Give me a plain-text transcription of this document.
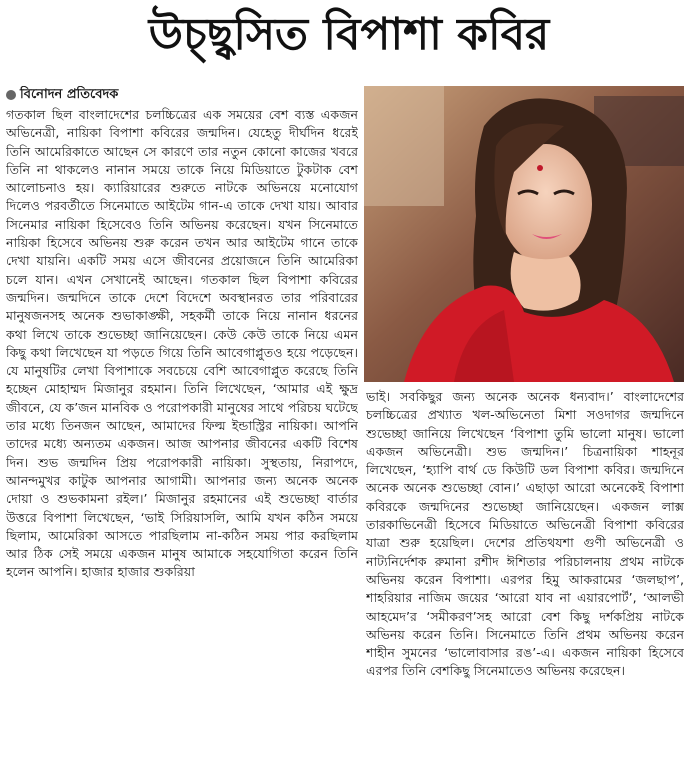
উচ্ছ্বসিত বিপাশা কবির
বিনোদন প্রতিবেদক

গতকাল ছিল বাংলাদেশের চলচ্চিত্রের এক সময়ের বেশ ব্যস্ত একজন অভিনেত্রী, নায়িকা বিপাশা কবিরের জন্মদিন। যেহেতু দীর্ঘদিন ধরেই তিনি আমেরিকাতে আছেন সে কারণে তার নতুন কোনো কাজের খবরে তিনি না থাকলেও নানান সময়ে তাকে নিয়ে মিডিয়াতে টুকটাক বেশ আলোচনাও হয়। ক্যারিয়ারের শুরুতে নাটকে অভিনয়ে মনোযোগ দিলেও পরবর্তীতে সিনেমাতে আইটেম গান-এ তাকে দেখা যায়। আবার সিনেমার নায়িকা হিসেবেও তিনি অভিনয় করেছেন। যখন সিনেমাতে নায়িকা হিসেবে অভিনয় শুরু করেন তখন আর আইটেম গানে তাকে দেখা যায়নি। একটি সময় এসে জীবনের প্রয়োজনে তিনি আমেরিকা চলে যান। এখন সেখানেই আছেন। গতকাল ছিল বিপাশা কবিরের জন্মদিন। জন্মদিনে তাকে দেশে বিদেশে অবস্থানরত তার পরিবারের মানুষজনসহ অনেক শুভাকাঙ্ক্ষী, সহকর্মী তাকে নিয়ে নানান ধরনের কথা লিখে তাকে শুভেচ্ছা জানিয়েছেন। কেউ কেউ তাকে নিয়ে এমন কিছু কথা লিখেছেন যা পড়তে গিয়ে তিনি আবেগাপ্লুতও হয়ে পড়েছেন। যে মানুষটির লেখা বিপাশাকে সবচেয়ে বেশি আবেগাপ্লুত করেছে তিনি হচ্ছেন মোহাম্মদ মিজানুর রহমান। তিনি লিখেছেন, ‘আমার এই ক্ষুদ্র জীবনে, যে ক’জন মানবিক ও পরোপকারী মানুষের সাথে পরিচয় ঘটেছে তার মধ্যে তিনজন আছেন, আমাদের ফিল্ম ইন্ডাস্ট্রির নায়িকা। আপনি তাদের মধ্যে অন্যতম একজন। আজ আপনার জীবনের একটি বিশেষ দিন। শুভ জন্মদিন প্রিয় পরোপকারী নায়িকা। সুস্থতায়, নিরাপদে, আনন্দমুখর কাটুক আপনার আগামী। আপনার জন্য অনেক অনেক দোয়া ও শুভকামনা রইল।’ মিজানুর রহমানের এই শুভেচ্ছা বার্তার উত্তরে বিপাশা লিখেছেন, ‘ভাই সিরিয়াসলি, আমি যখন কঠিন সময়ে ছিলাম, আমেরিকা আসতে পারছিলাম না-কঠিন সময় পার করছিলাম আর ঠিক সেই সময়ে একজন মানুষ আমাকে সহযোগিতা করেন তিনি হলেন আপনি। হাজার হাজার শুকরিয়া

ভাই। সবকিছুর জন্য অনেক অনেক ধন্যবাদ।’ বাংলাদেশের চলচ্চিত্রের প্রখ্যাত খল-অভিনেতা মিশা সওদাগর জন্মদিনে শুভেচ্ছা জানিয়ে লিখেছেন ‘বিপাশা তুমি ভালো মানুষ। ভালো একজন অভিনেত্রী। শুভ জন্মদিন।’ চিত্রনায়িকা শাহনূর লিখেছেন, ‘হ্যাপি বার্থ ডে কিউটি ডল বিপাশা কবির। জন্মদিনে অনেক অনেক শুভেচ্ছা বোন।’ এছাড়া আরো অনেকেই বিপাশা কবিরকে জন্মদিনের শুভেচ্ছা জানিয়েছেন। একজন লাক্স তারকাভিনেত্রী হিসেবে মিডিয়াতে অভিনেত্রী বিপাশা কবিরের যাত্রা শুরু হয়েছিল। দেশের প্রতিথযশা গুণী অভিনেত্রী ও নাট্যনির্দেশক রুমানা রশীদ ঈশিতার পরিচালনায় প্রথম নাটকে অভিনয় করেন বিপাশা। এরপর হিমু আকরামের ‘জলছাপ’, শাহরিয়ার নাজিম জয়ের ‘আরো যাব না এয়ারপোর্ট’, ‘আলভী আহমেদ’র ‘সমীকরণ’সহ আরো বেশ কিছু দর্শকপ্রিয় নাটকে অভিনয় করেন তিনি। সিনেমাতে তিনি প্রথম অভিনয় করেন শাহীন সুমনের ‘ভালোবাসার রঙ’-এ। একজন নায়িকা হিসেবে এরপর তিনি বেশকিছু সিনেমাতেও অভিনয় করেছেন।
